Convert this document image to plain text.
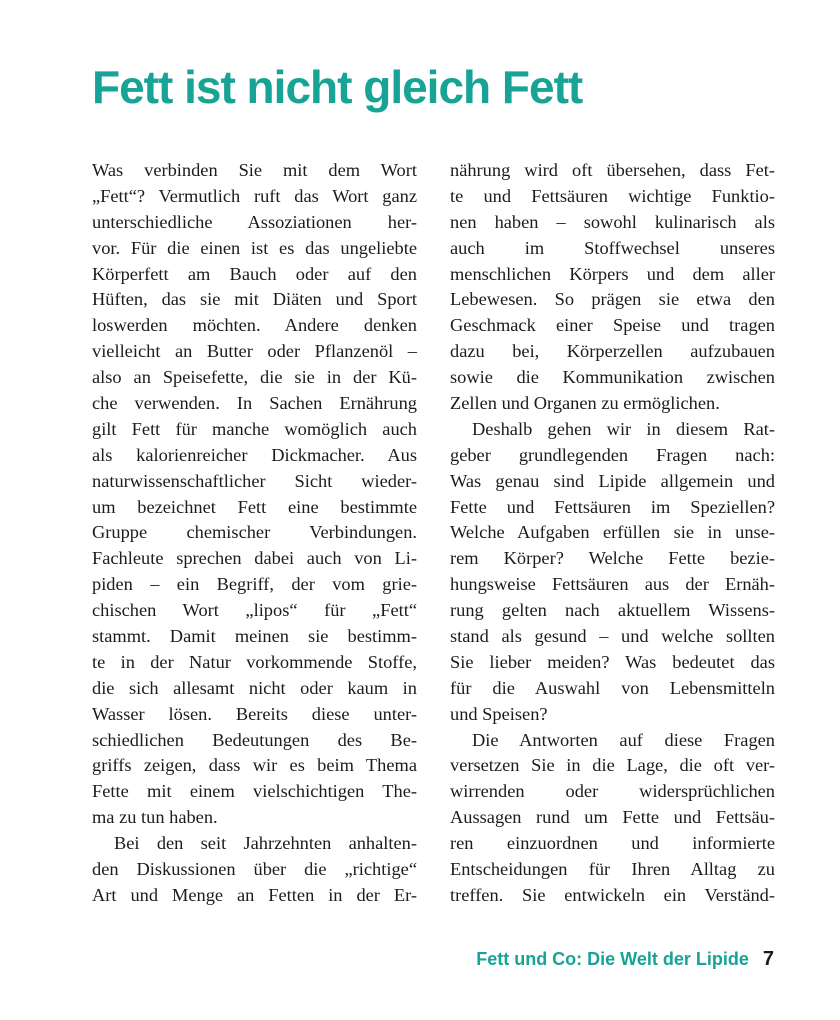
Fett ist nicht gleich Fett
Was verbinden Sie mit dem Wort
„Fett“? Vermutlich ruft das Wort ganz
unterschiedliche Assoziationen her-
vor. Für die einen ist es das ungeliebte
Körperfett am Bauch oder auf den
Hüften, das sie mit Diäten und Sport
loswerden möchten. Andere denken
vielleicht an Butter oder Pflanzenöl –
also an Speisefette, die sie in der Kü-
che verwenden. In Sachen Ernährung
gilt Fett für manche womöglich auch
als kalorienreicher Dickmacher. Aus
naturwissenschaftlicher Sicht wieder-
um bezeichnet Fett eine bestimmte
Gruppe chemischer Verbindungen.
Fachleute sprechen dabei auch von Li-
piden – ein Begriff, der vom grie-
chischen Wort „lipos“ für „Fett“
stammt. Damit meinen sie bestimm-
te in der Natur vorkommende Stoffe,
die sich allesamt nicht oder kaum in
Wasser lösen. Bereits diese unter-
schiedlichen Bedeutungen des Be-
griffs zeigen, dass wir es beim Thema
Fette mit einem vielschichtigen The-
ma zu tun haben.
Bei den seit Jahrzehnten anhalten-
den Diskussionen über die „richtige“
Art und Menge an Fetten in der Er-
nährung wird oft übersehen, dass Fet-
te und Fettsäuren wichtige Funktio-
nen haben – sowohl kulinarisch als
auch im Stoffwechsel unseres
menschlichen Körpers und dem aller
Lebewesen. So prägen sie etwa den
Geschmack einer Speise und tragen
dazu bei, Körperzellen aufzubauen
sowie die Kommunikation zwischen
Zellen und Organen zu ermöglichen.
Deshalb gehen wir in diesem Rat-
geber grundlegenden Fragen nach:
Was genau sind Lipide allgemein und
Fette und Fettsäuren im Speziellen?
Welche Aufgaben erfüllen sie in unse-
rem Körper? Welche Fette bezie-
hungsweise Fettsäuren aus der Ernäh-
rung gelten nach aktuellem Wissens-
stand als gesund – und welche sollten
Sie lieber meiden? Was bedeutet das
für die Auswahl von Lebensmitteln
und Speisen?
Die Antworten auf diese Fragen
versetzen Sie in die Lage, die oft ver-
wirrenden oder widersprüchlichen
Aussagen rund um Fette und Fettsäu-
ren einzuordnen und informierte
Entscheidungen für Ihren Alltag zu
treffen. Sie entwickeln ein Verständ-
Fett und Co: Die Welt der Lipide 7
